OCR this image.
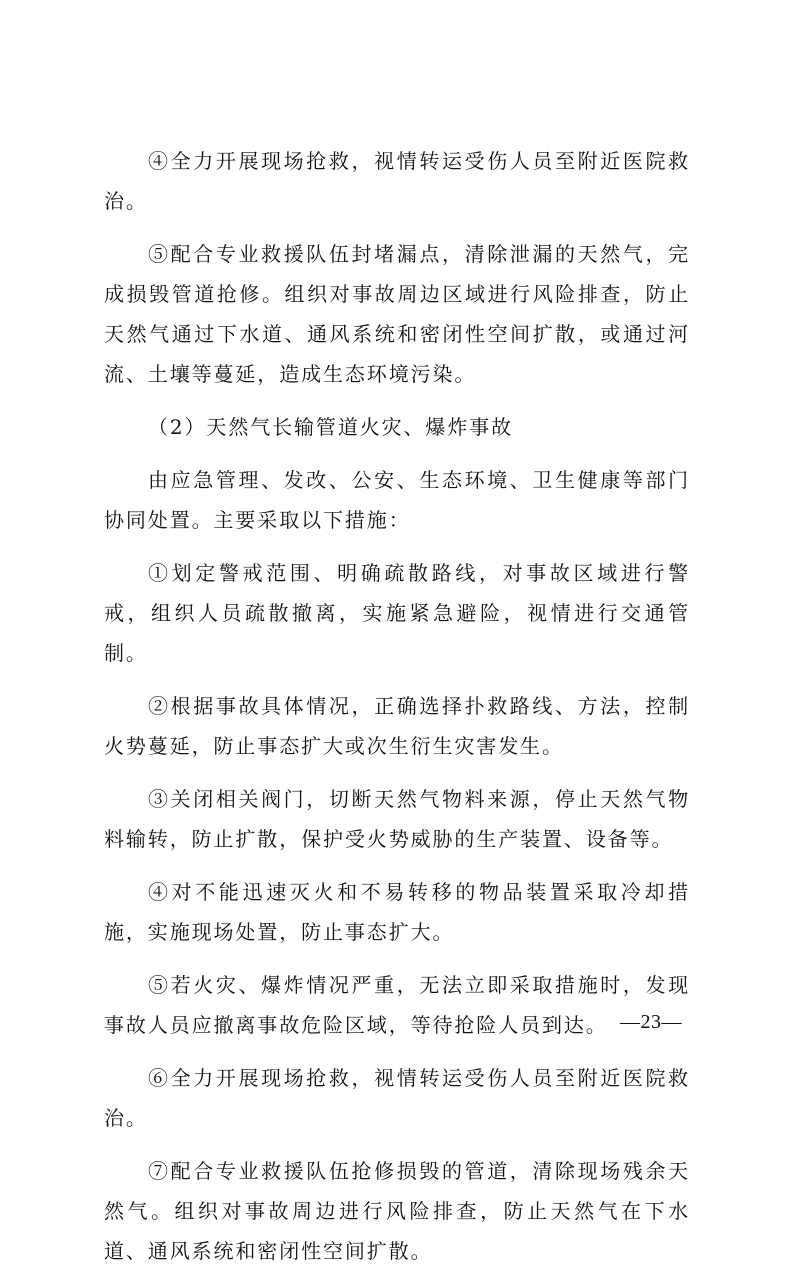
④全力开展现场抢救，视情转运受伤人员至附近医院救治。

⑤配合专业救援队伍封堵漏点，清除泄漏的天然气，完成损毁管道抢修。组织对事故周边区域进行风险排查，防止天然气通过下水道、通风系统和密闭性空间扩散，或通过河流、土壤等蔓延，造成生态环境污染。

（2）天然气长输管道火灾、爆炸事故

由应急管理、发改、公安、生态环境、卫生健康等部门协同处置。主要采取以下措施：

①划定警戒范围、明确疏散路线，对事故区域进行警戒，组织人员疏散撤离，实施紧急避险，视情进行交通管制。

②根据事故具体情况，正确选择扑救路线、方法，控制火势蔓延，防止事态扩大或次生衍生灾害发生。

③关闭相关阀门，切断天然气物料来源，停止天然气物料输转，防止扩散，保护受火势威胁的生产装置、设备等。

④对不能迅速灭火和不易转移的物品装置采取冷却措施，实施现场处置，防止事态扩大。

⑤若火灾、爆炸情况严重，无法立即采取措施时，发现事故人员应撤离事故危险区域，等待抢险人员到达。

⑥全力开展现场抢救，视情转运受伤人员至附近医院救治。

⑦配合专业救援队伍抢修损毁的管道，清除现场残余天然气。组织对事故周边进行风险排查，防止天然气在下水道、通风系统和密闭性空间扩散。

—23—
